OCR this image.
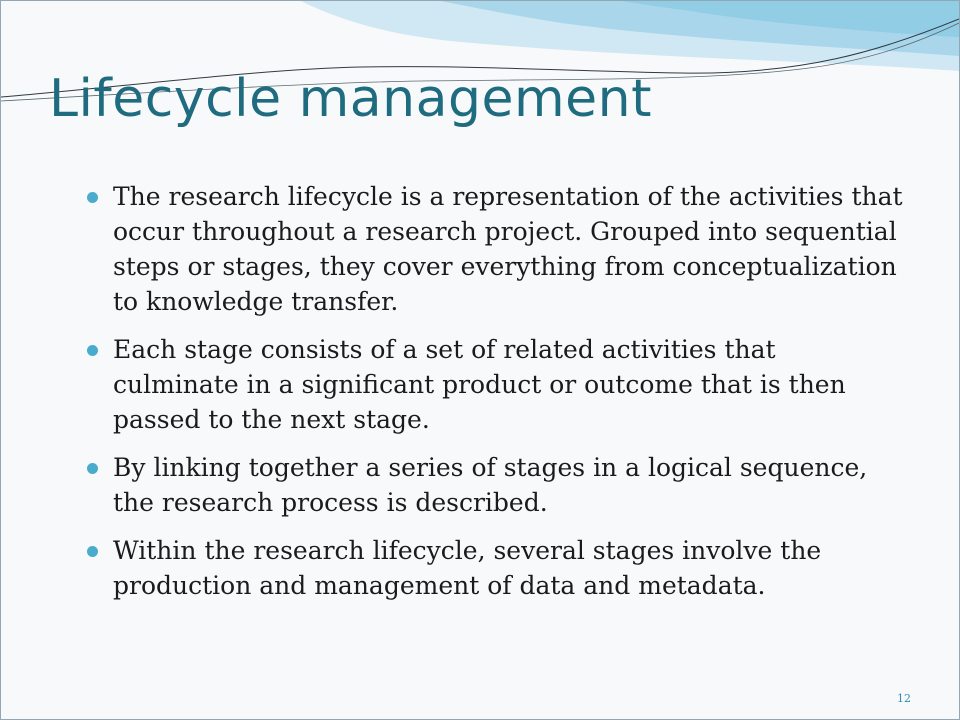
Lifecycle management
The research lifecycle is a representation of the activities that occur throughout a research project. Grouped into sequential steps or stages, they cover everything from conceptualization to knowledge transfer.
Each stage consists of a set of related activities that culminate in a significant product or outcome that is then passed to the next stage.
By linking together a series of stages in a logical sequence, the research process is described.
Within the research lifecycle, several stages involve the production and management of data and metadata.
12
